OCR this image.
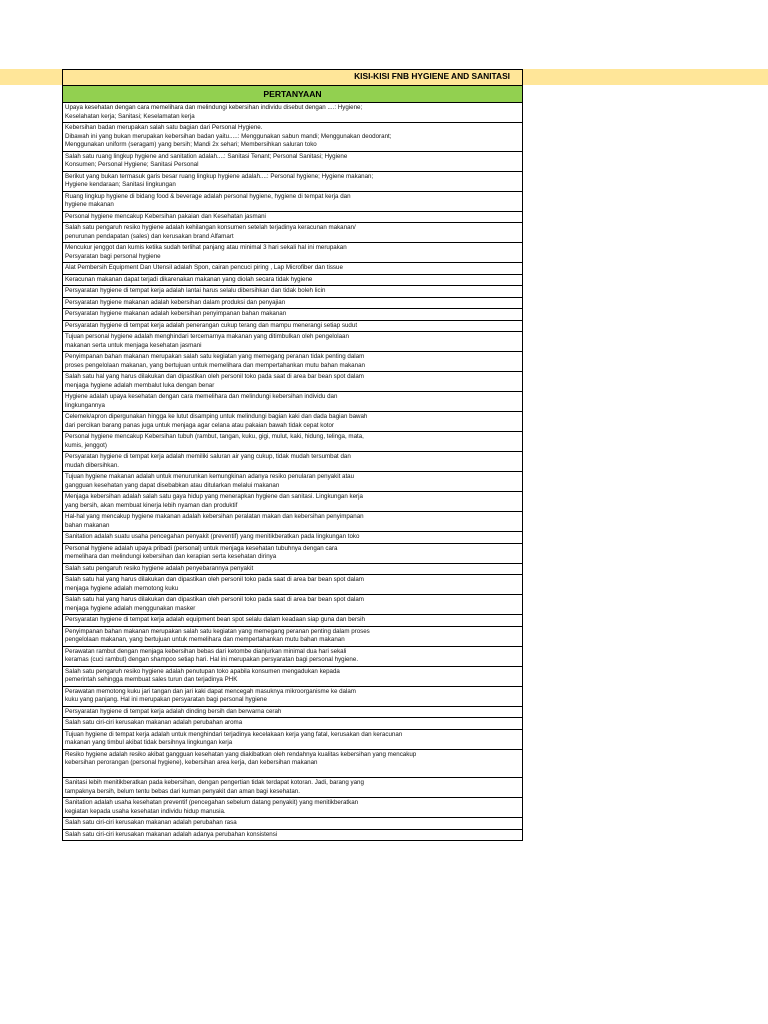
KISI-KISI FNB HYGIENE AND SANITASI
PERTANYAAN
Upaya kesehatan dengan cara memelihara dan melindungi kebersihan individu disebut dengan ....: Hygiene;
Keselahatan kerja; Sanitasi; Keselamatan kerja
Kebersihan badan merupakan salah satu bagian dari Personal Hygiene.
Dibawah ini yang bukan merupakan kebersihan badan yaitu.....: Menggunakan sabun mandi; Menggunakan deodorant;
Menggunakan uniform (seragam) yang bersih; Mandi 2x sehari; Membersihkan saluran toko
Salah satu ruang lingkup hygiene and sanitation adalah....: Sanitasi Tenant; Personal Sanitasi; Hygiene
Konsumen; Personal Hygiene; Sanitasi Personal
Berikut yang bukan termasuk garis besar ruang lingkup hygiene adalah....: Personal hygiene; Hygiene makanan;
Hygiene kendaraan; Sanitasi lingkungan
Ruang lingkup hygiene di bidang food & beverage adalah personal hygiene, hygiene di tempat kerja dan
hygiene makanan
Personal hygiene mencakup Kebersihan pakaian dan Kesehatan jasmani
Salah satu pengaruh resiko hygiene adalah kehilangan konsumen setelah terjadinya keracunan makanan/
penurunan pendapatan (sales) dan kerusakan brand Alfamart
Mencukur jenggot dan kumis ketika sudah terlihat panjang atau minimal 3 hari sekali hal ini merupakan
Persyaratan bagi personal hygiene
Alat Pembersih Equipment Dan Utensil adalah Spon, cairan pencuci piring , Lap Microfiber dan tissue
Keracunan makanan dapat terjadi dikarenakan makanan yang diolah secara tidak hygiene
Persyaratan hygiene di tempat kerja adalah lantai harus selalu dibersihkan dan tidak boleh licin
Persyaratan hygiene makanan adalah kebersihan dalam produksi dan penyajian
Persyaratan hygiene makanan adalah kebersihan penyimpanan bahan makanan
Persyaratan hygiene di tempat kerja adalah penerangan cukup terang dan mampu menerangi setiap sudut
Tujuan personal hygiene adalah menghindari tercemarnya makanan yang ditimbulkan oleh pengelolaan
makanan serta untuk menjaga kesehatan jasmani
Penyimpanan bahan makanan merupakan salah satu kegiatan yang memegang peranan tidak penting dalam
proses pengelolaan makanan, yang bertujuan untuk memelihara dan mempertahankan mutu bahan makanan
Salah satu hal yang harus dilakukan dan dipastikan oleh personil toko pada saat di area bar bean spot dalam
menjaga hygiene adalah membalut luka dengan benar
Hygiene adalah upaya kesehatan dengan cara memelihara dan melindungi kebersihan individu dan
lingkungannya
Celemek/apron dipergunakan hingga ke lutut disamping untuk melindungi bagian kaki dan dada bagian bawah
dari percikan barang panas juga untuk menjaga agar celana atau pakaian bawah tidak cepat kotor
Personal hygiene mencakup Kebersihan tubuh (rambut, tangan, kuku, gigi, mulut, kaki, hidung, telinga, mata,
kumis, jenggot)
Persyaratan hygiene di tempat kerja adalah memiliki saluran air yang cukup, tidak mudah tersumbat dan
mudah dibersihkan.
Tujuan hygiene makanan adalah untuk menurunkan kemungkinan adanya resiko penularan penyakit atau
gangguan kesehatan yang dapat disebabkan atau ditularkan melalui makanan
Menjaga kebersihan adalah salah satu gaya hidup yang menerapkan hygiene dan sanitasi. Lingkungan kerja
yang bersih, akan membuat kinerja lebih nyaman dan produktif
Hal-hal yang mencakup hygiene makanan adalah kebersihan peralatan makan dan kebersihan penyimpanan
bahan makanan
Sanitation adalah suatu usaha pencegahan penyakit (preventif) yang menitikberatkan pada lingkungan toko
Personal hygiene adalah upaya pribadi (personal) untuk menjaga kesehatan tubuhnya dengan cara
memelihara dan melindungi kebersihan dan kerapian serta kesehatan dirinya
Salah satu pengaruh resiko hygiene adalah penyebarannya penyakit
Salah satu hal yang harus dilakukan dan dipastikan oleh personil toko pada saat di area bar bean spot dalam
menjaga hygiene adalah memotong kuku
Salah satu hal yang harus dilakukan dan dipastikan oleh personil toko pada saat di area bar bean spot dalam
menjaga hygiene adalah menggunakan masker
Persyaratan hygiene di tempat kerja adalah equipment bean spot selalu dalam keadaan siap guna dan bersih
Penyimpanan bahan makanan merupakan salah satu kegiatan yang memegang peranan penting dalam proses
pengelolaan makanan, yang bertujuan untuk memelihara dan mempertahankan mutu bahan makanan
Perawatan rambut dengan menjaga kebersihan bebas dari ketombe dianjurkan minimal dua hari sekali
keramas (cuci rambut) dengan shampoo setiap hari. Hal ini merupakan persyaratan bagi personal hygiene.
Salah satu pengaruh resiko hygiene adalah penutupan toko apabila konsumen mengadukan kepada
pemerintah sehingga membuat sales turun dan terjadinya PHK
Perawatan memotong kuku jari tangan dan jari kaki dapat mencegah masuknya mikroorganisme ke dalam
kuku yang panjang. Hal ini merupakan persyaratan bagi personal hygiene
Persyaratan hygiene di tempat kerja adalah dinding bersih dan berwarna cerah
Salah satu ciri-ciri kerusakan makanan adalah perubahan aroma
Tujuan hygiene di tempat kerja adalah untuk menghindari terjadinya kecelakaan kerja yang fatal, kerusakan dan keracunan
makanan yang timbul akibat tidak bersihnya lingkungan kerja
Resiko hygiene adalah resiko akibat gangguan kesehatan yang diakibatkan oleh rendahnya kualitas kebersihan yang mencakup
kebersihan perorangan (personal hygiene), kebersihan area kerja, dan kebersihan makanan

Sanitasi lebih menitikberatkan pada kebersihan, dengan pengertian tidak terdapat kotoran. Jadi, barang yang
tampaknya bersih, belum tentu bebas dari kuman penyakit dan aman bagi kesehatan.
Sanitation adalah usaha kesehatan preventif (pencegahan sebelum datang penyakit) yang menitikberatkan
kegiatan kepada usaha kesehatan individu hidup manusia.
Salah satu ciri-ciri kerusakan makanan adalah perubahan rasa
Salah satu ciri-ciri kerusakan makanan adalah adanya perubahan konsistensi
